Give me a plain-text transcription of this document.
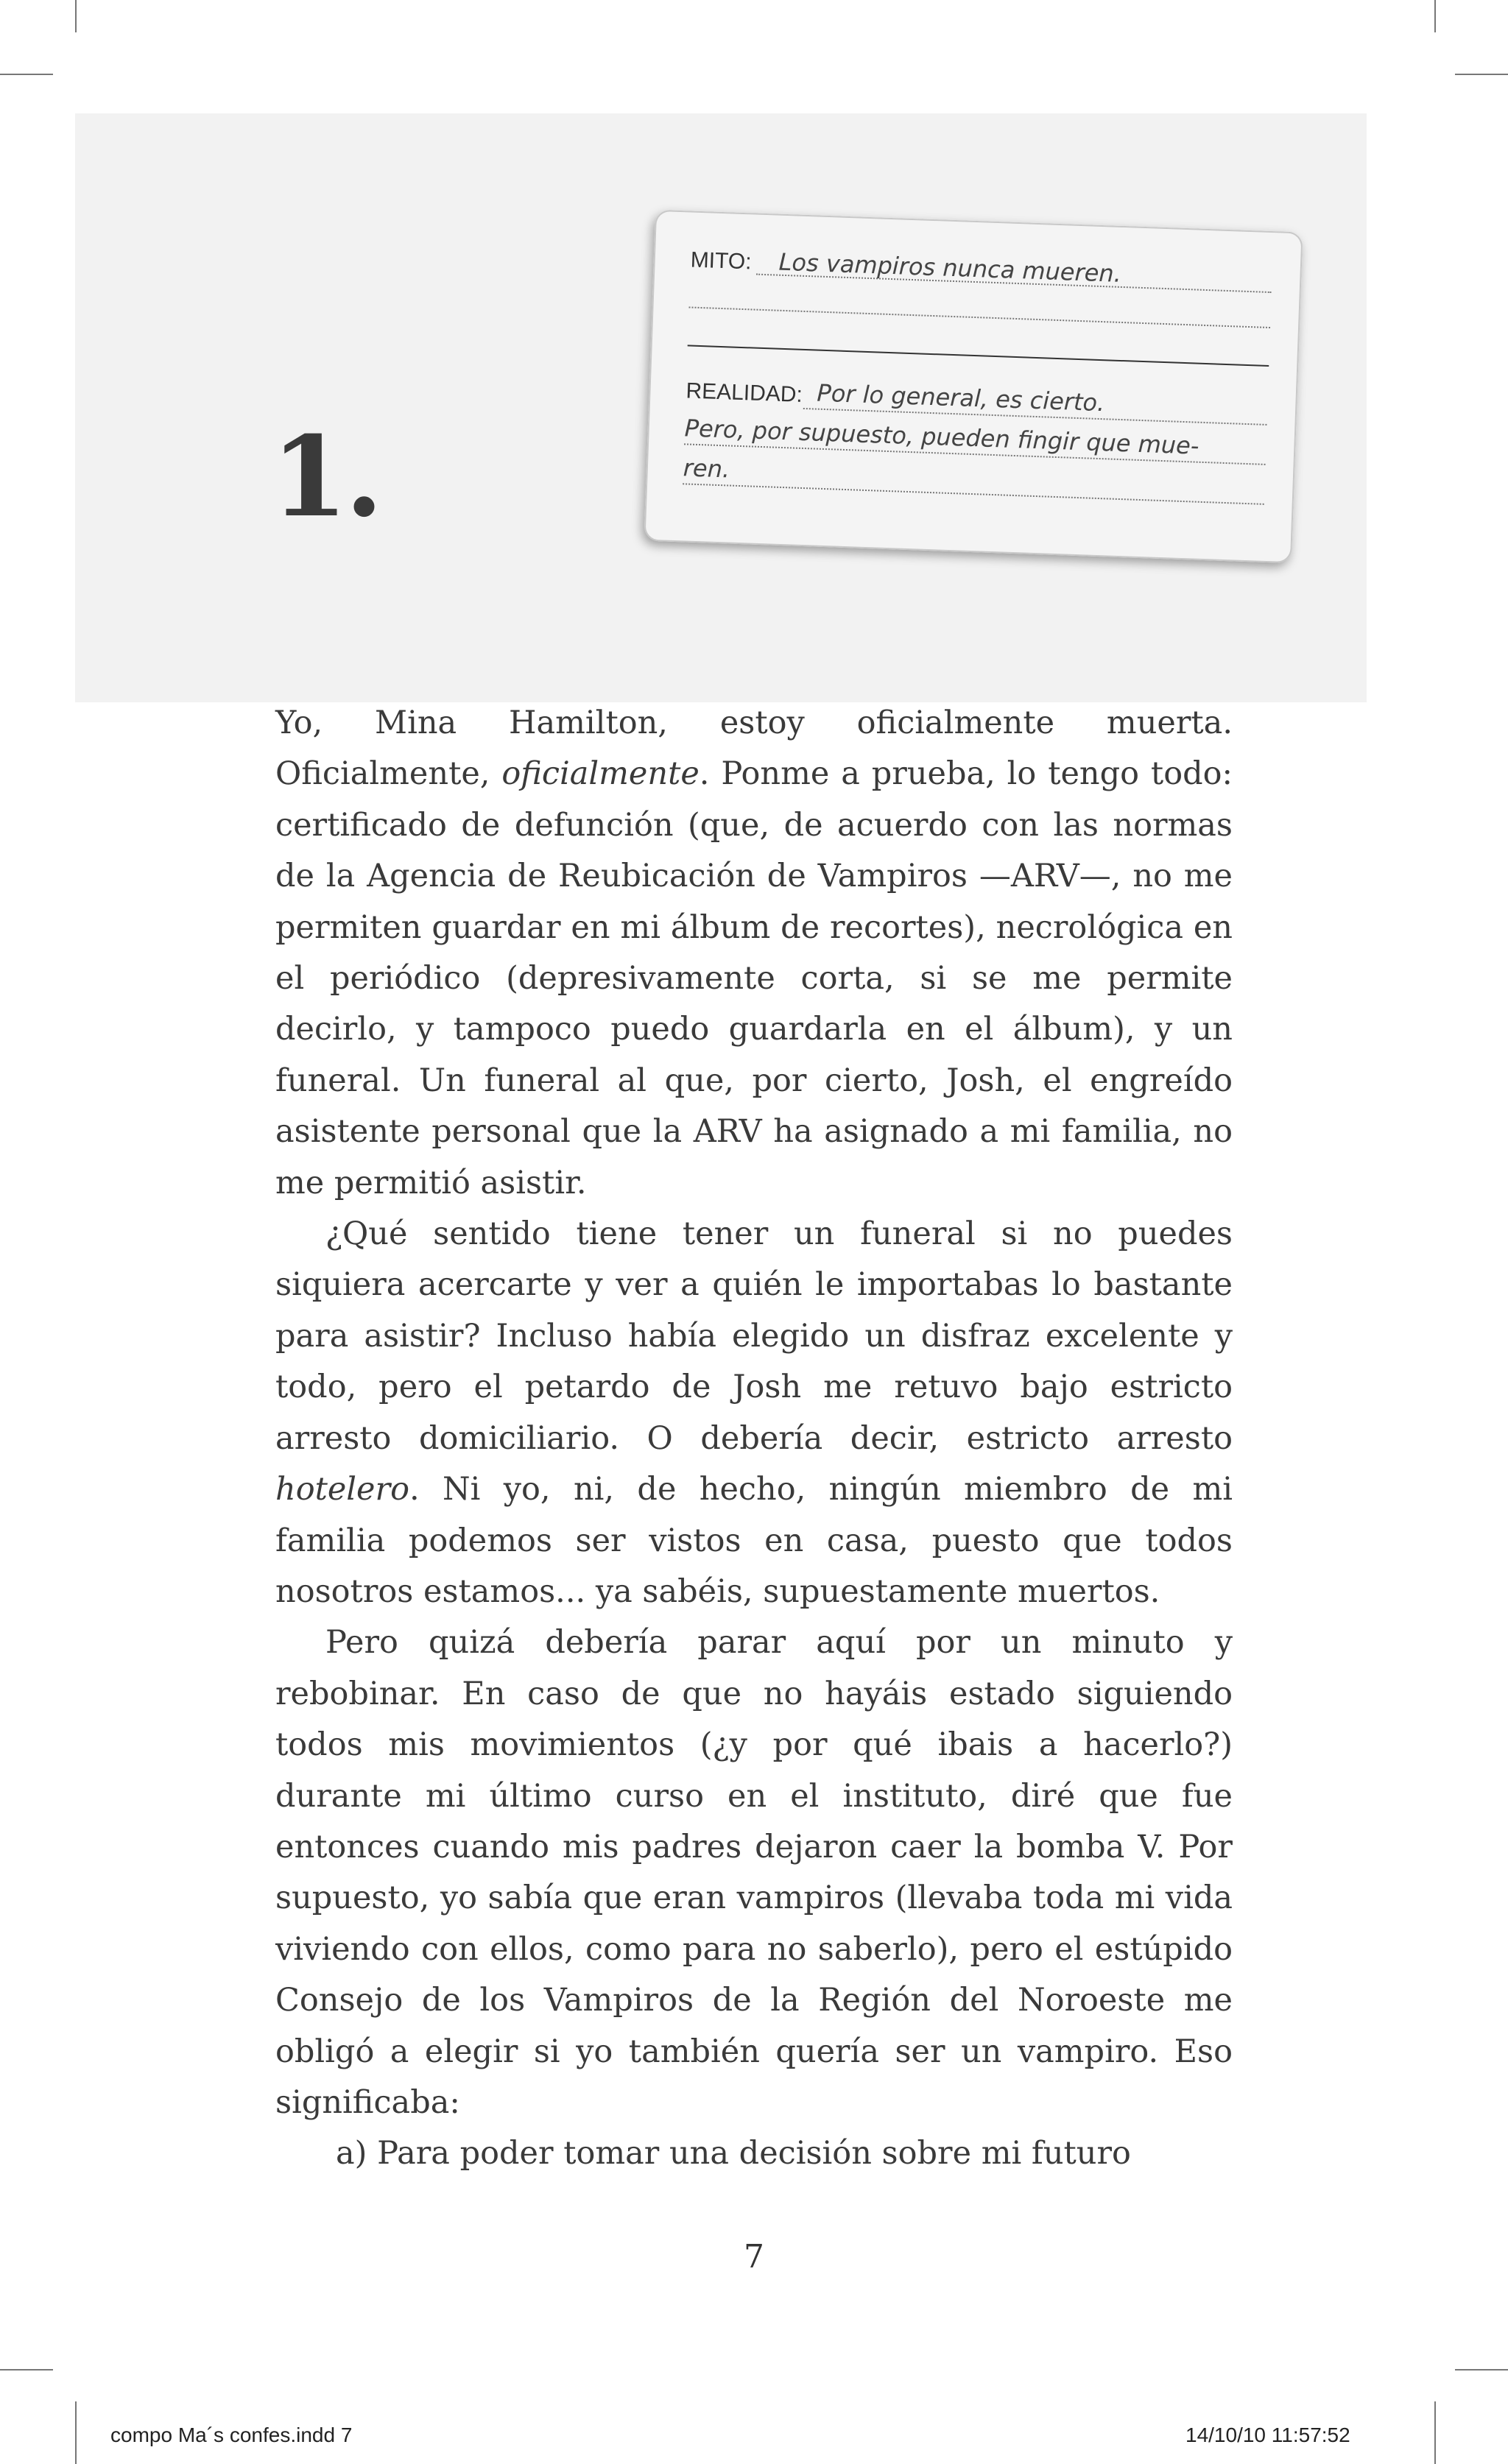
1.
MITO: Los vampiros nunca mueren.
REALIDAD: Por lo general, es cierto.
Pero, por supuesto, pueden fingir que mue-
ren.

Yo, Mina Hamilton, estoy oficialmente muerta. Oficialmente, oficialmente. Ponme a prueba, lo tengo todo: certificado de defunción (que, de acuerdo con las normas de la Agencia de Reubicación de Vampiros —ARV—, no me permiten guardar en mi álbum de recortes), necrológica en el periódico (depresivamente corta, si se me permite decirlo, y tampoco puedo guardarla en el álbum), y un funeral. Un funeral al que, por cierto, Josh, el engreído asistente personal que la ARV ha asignado a mi familia, no me permitió asistir.

¿Qué sentido tiene tener un funeral si no puedes siquiera acercarte y ver a quién le importabas lo bastante para asistir? Incluso había elegido un disfraz excelente y todo, pero el petardo de Josh me retuvo bajo estricto arresto domiciliario. O debería decir, estricto arresto hotelero. Ni yo, ni, de hecho, ningún miembro de mi familia podemos ser vistos en casa, puesto que todos nosotros estamos... ya sabéis, supuestamente muertos.

Pero quizá debería parar aquí por un minuto y rebobinar. En caso de que no hayáis estado siguiendo todos mis movimientos (¿y por qué ibais a hacerlo?) durante mi último curso en el instituto, diré que fue entonces cuando mis padres dejaron caer la bomba V. Por supuesto, yo sabía que eran vampiros (llevaba toda mi vida viviendo con ellos, como para no saberlo), pero el estúpido Consejo de los Vampiros de la Región del Noroeste me obligó a elegir si yo también quería ser un vampiro. Eso significaba:

a) Para poder tomar una decisión sobre mi futuro

7
compo Ma´s confes.indd 7	14/10/10 11:57:52
